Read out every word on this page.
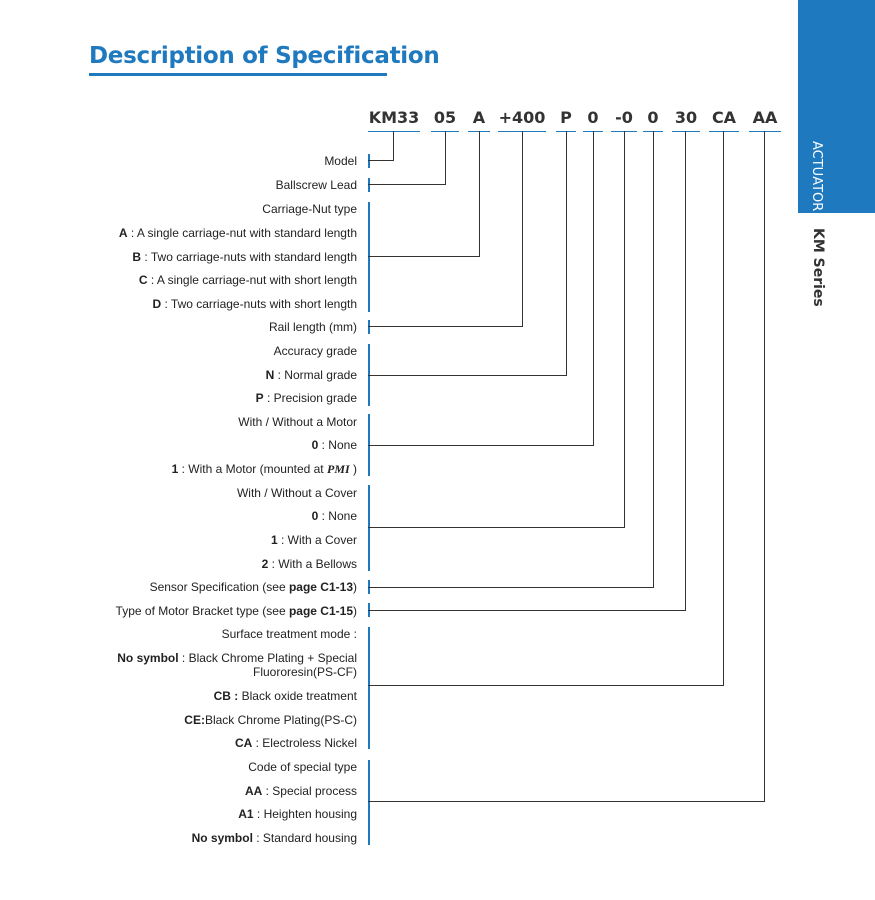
Description of Specification
ACTUATOR
KM Series
KM33 05 A +400 P 0 -0 0 30 CA AA
Model
Ballscrew Lead
Carriage-Nut type
A : A single carriage-nut with standard length
B : Two carriage-nuts with standard length
C : A single carriage-nut with short length
D : Two carriage-nuts with short length
Rail length (mm)
Accuracy grade
N : Normal grade
P : Precision grade
With / Without a Motor
0 : None
1 : With a Motor (mounted at PMI )
With / Without a Cover
0 : None
1 : With a Cover
2 : With a Bellows
Sensor Specification (see page C1-13)
Type of Motor Bracket type (see page C1-15)
Surface treatment mode :
No symbol : Black Chrome Plating + Special
Fluororesin(PS-CF)
CB : Black oxide treatment
CE:Black Chrome Plating(PS-C)
CA : Electroless Nickel
Code of special type
AA : Special process
A1 : Heighten housing
No symbol : Standard housing
